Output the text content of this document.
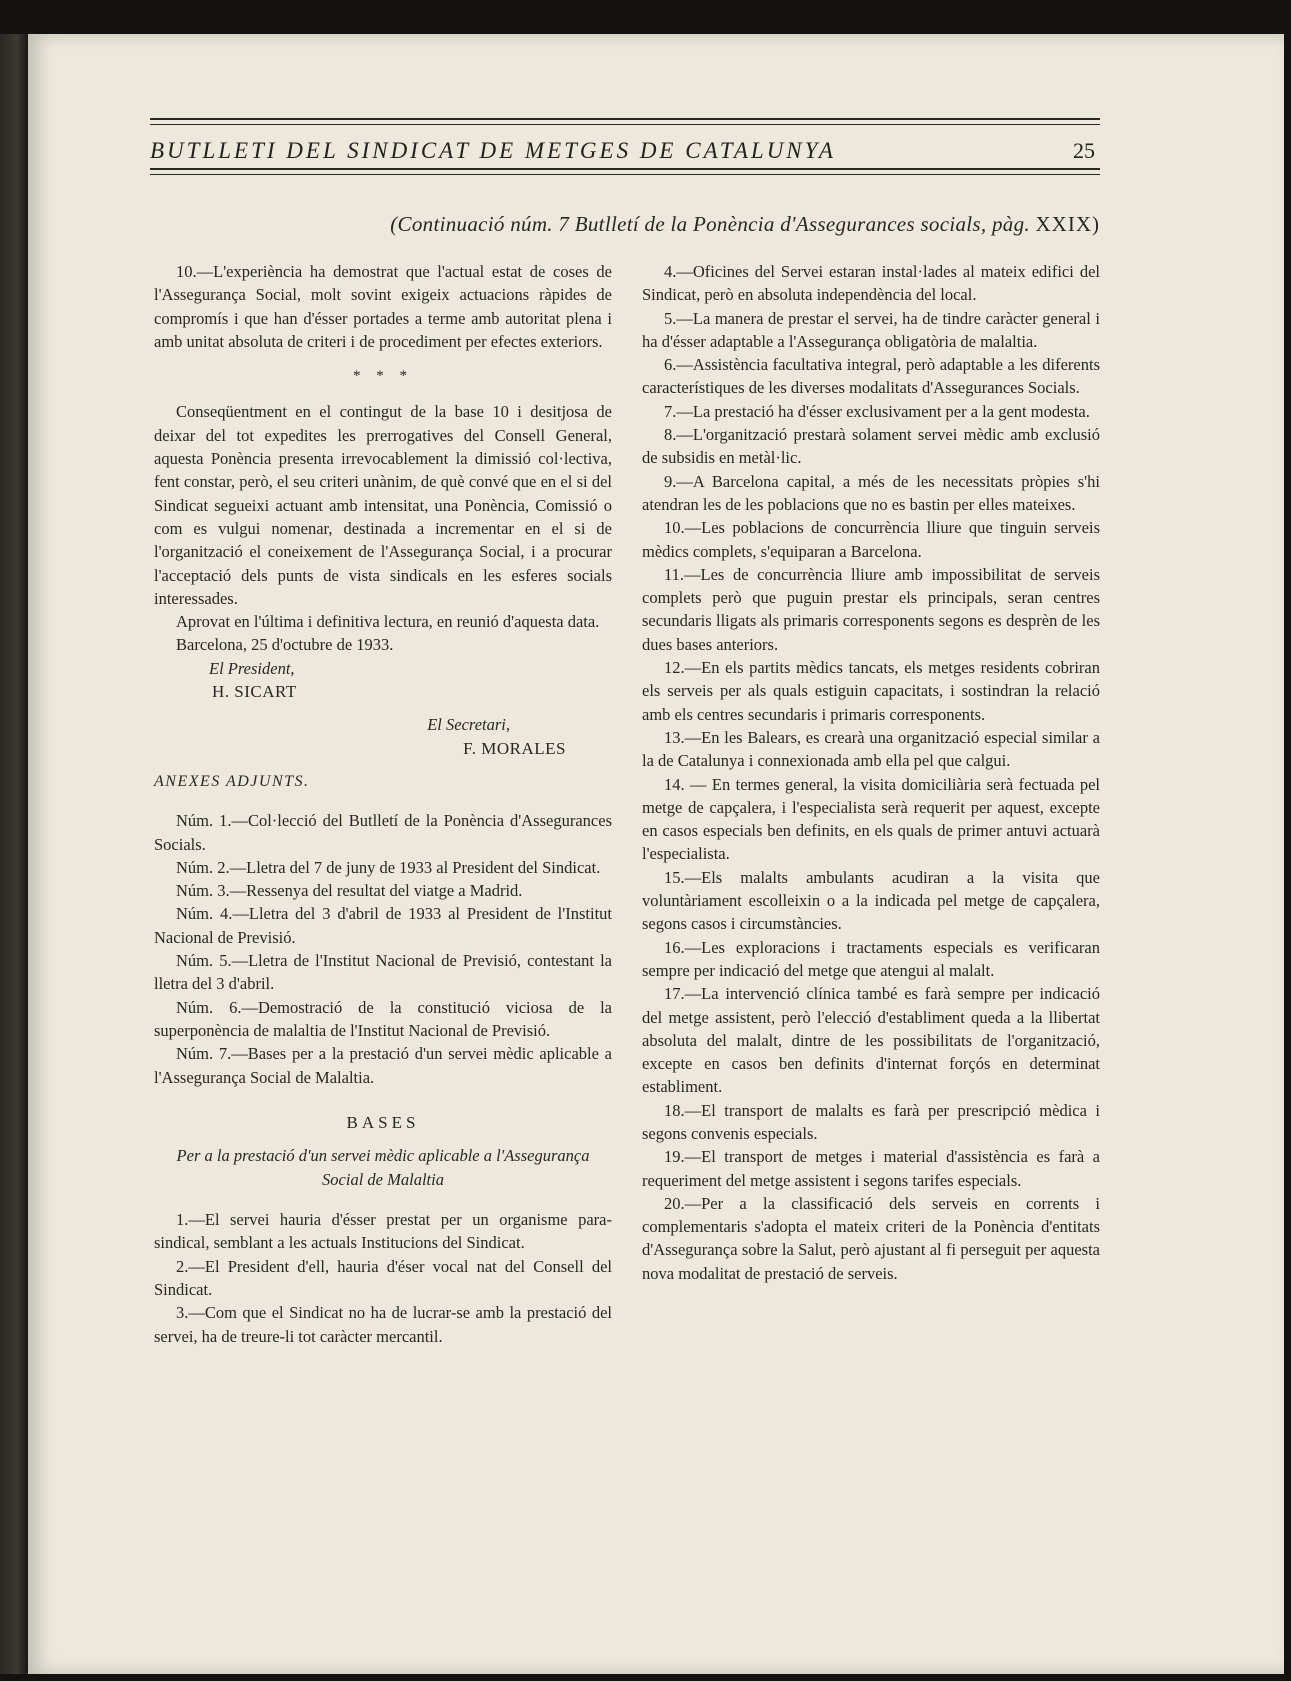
BUTLLETI DEL SINDICAT DE METGES DE CATALUNYA	25
(Continuació núm. 7 Butlletí de la Ponència d'Assegurances socials, pàg. XXIX)

10.—L'experiència ha demostrat que l'actual estat de coses de l'Assegurança Social, molt sovint exigeix actuacions ràpides de compromís i que han d'ésser portades a terme amb autoritat plena i amb unitat absoluta de criteri i de procediment per efectes exteriors.

* * *

Conseqüentment en el contingut de la base 10 i desitjosa de deixar del tot expedites les prerrogatives del Consell General, aquesta Ponència presenta irrevocablement la dimissió col·lectiva, fent constar, però, el seu criteri unànim, de què convé que en el si del Sindicat segueixi actuant amb intensitat, una Ponència, Comissió o com es vulgui nomenar, destinada a incrementar en el si de l'organització el coneixement de l'Assegurança Social, i a procurar l'acceptació dels punts de vista sindicals en les esferes socials interessades.

Aprovat en l'última i definitiva lectura, en reunió d'aquesta data.

Barcelona, 25 d'octubre de 1933.

El President,
H. SICART
El Secretari,
F. MORALES
ANEXES ADJUNTS.

Núm. 1.—Col·lecció del Butlletí de la Ponència d'Assegurances Socials.

Núm. 2.—Lletra del 7 de juny de 1933 al President del Sindicat.

Núm. 3.—Ressenya del resultat del viatge a Madrid.

Núm. 4.—Lletra del 3 d'abril de 1933 al President de l'Institut Nacional de Previsió.

Núm. 5.—Lletra de l'Institut Nacional de Previsió, contestant la lletra del 3 d'abril.

Núm. 6.—Demostració de la constitució viciosa de la superponència de malaltia de l'Institut Nacional de Previsió.

Núm. 7.—Bases per a la prestació d'un servei mèdic aplicable a l'Assegurança Social de Malaltia.

BASES
Per a la prestació d'un servei mèdic aplicable a l'Assegurança Social de Malaltia

1.—El servei hauria d'ésser prestat per un organisme para-sindical, semblant a les actuals Institucions del Sindicat.

2.—El President d'ell, hauria d'éser vocal nat del Consell del Sindicat.

3.—Com que el Sindicat no ha de lucrar-se amb la prestació del servei, ha de treure-li tot caràcter mercantil.

4.—Oficines del Servei estaran instal·lades al mateix edifici del Sindicat, però en absoluta independència del local.

5.—La manera de prestar el servei, ha de tindre caràcter general i ha d'ésser adaptable a l'Assegurança obligatòria de malaltia.

6.—Assistència facultativa integral, però adaptable a les diferents característiques de les diverses modalitats d'Assegurances Socials.

7.—La prestació ha d'ésser exclusivament per a la gent modesta.

8.—L'organització prestarà solament servei mèdic amb exclusió de subsidis en metàl·lic.

9.—A Barcelona capital, a més de les necessitats pròpies s'hi atendran les de les poblacions que no es bastin per elles mateixes.

10.—Les poblacions de concurrència lliure que tinguin serveis mèdics complets, s'equiparan a Barcelona.

11.—Les de concurrència lliure amb impossibilitat de serveis complets però que puguin prestar els principals, seran centres secundaris lligats als primaris corresponents segons es desprèn de les dues bases anteriors.

12.—En els partits mèdics tancats, els metges residents cobriran els serveis per als quals estiguin capacitats, i sostindran la relació amb els centres secundaris i primaris corresponents.

13.—En les Balears, es crearà una organització especial similar a la de Catalunya i connexionada amb ella pel que calgui.

14. — En termes general, la visita domiciliària serà fectuada pel metge de capçalera, i l'especialista serà requerit per aquest, excepte en casos especials ben definits, en els quals de primer antuvi actuarà l'especialista.

15.—Els malalts ambulants acudiran a la visita que voluntàriament escolleixin o a la indicada pel metge de capçalera, segons casos i circumstàncies.

16.—Les exploracions i tractaments especials es verificaran sempre per indicació del metge que atengui al malalt.

17.—La intervenció clínica també es farà sempre per indicació del metge assistent, però l'elecció d'establiment queda a la llibertat absoluta del malalt, dintre de les possibilitats de l'organització, excepte en casos ben definits d'internat forçós en determinat establiment.

18.—El transport de malalts es farà per prescripció mèdica i segons convenis especials.

19.—El transport de metges i material d'assistència es farà a requeriment del metge assistent i segons tarifes especials.

20.—Per a la classificació dels serveis en corrents i complementaris s'adopta el mateix criteri de la Ponència d'entitats d'Assegurança sobre la Salut, però ajustant al fi perseguit per aquesta nova modalitat de prestació de serveis.
